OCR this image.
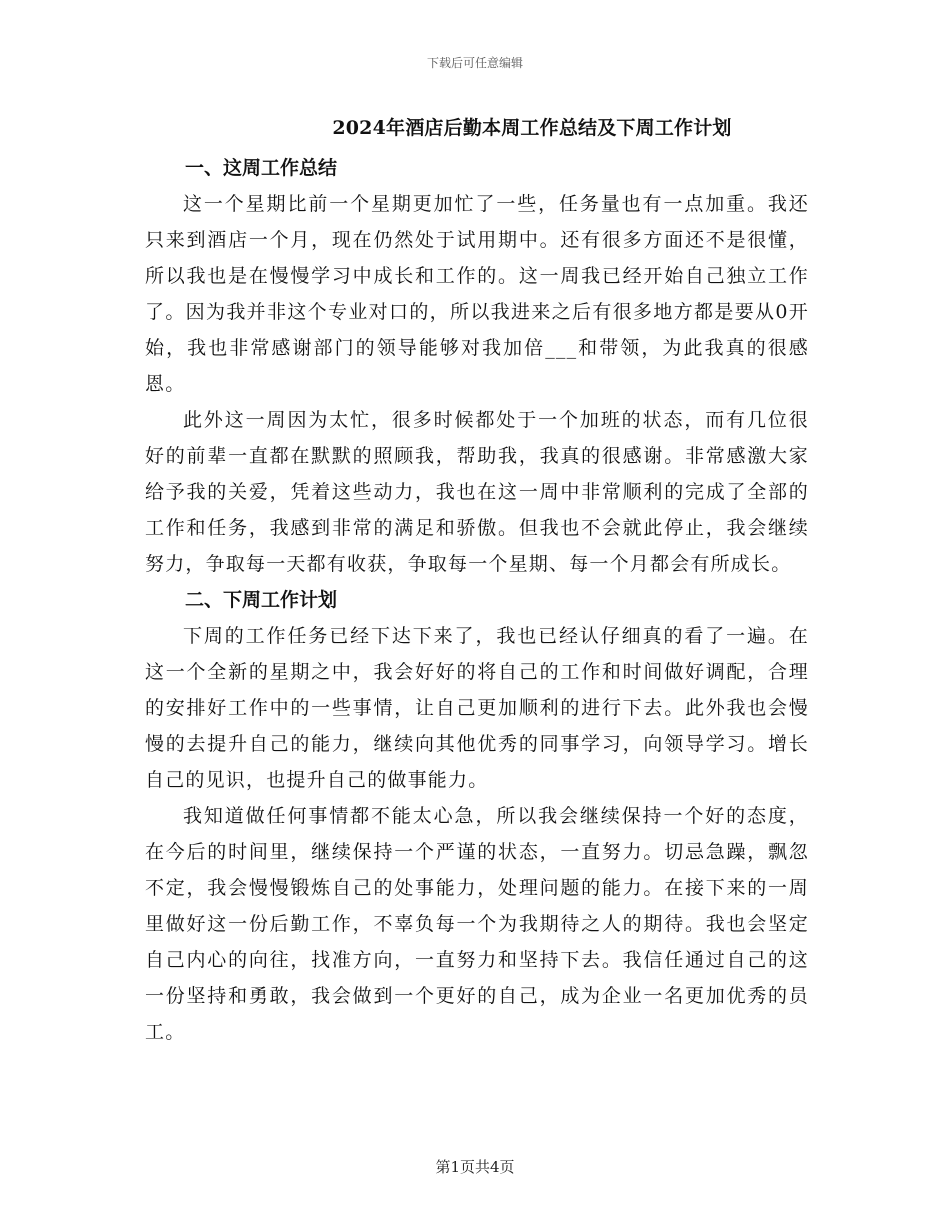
下载后可任意编辑
2024年酒店后勤本周工作总结及下周工作计划
一、这周工作总结

这一个星期比前一个星期更加忙了一些，任务量也有一点加重。我还只来到酒店一个月，现在仍然处于试用期中。还有很多方面还不是很懂，所以我也是在慢慢学习中成长和工作的。这一周我已经开始自己独立工作了。因为我并非这个专业对口的，所以我进来之后有很多地方都是要从0开始，我也非常感谢部门的领导能够对我加倍___和带领，为此我真的很感恩。

此外这一周因为太忙，很多时候都处于一个加班的状态，而有几位很好的前辈一直都在默默的照顾我，帮助我，我真的很感谢。非常感激大家给予我的关爱，凭着这些动力，我也在这一周中非常顺利的完成了全部的工作和任务，我感到非常的满足和骄傲。但我也不会就此停止，我会继续努力，争取每一天都有收获，争取每一个星期、每一个月都会有所成长。

二、下周工作计划

下周的工作任务已经下达下来了，我也已经认仔细真的看了一遍。在这一个全新的星期之中，我会好好的将自己的工作和时间做好调配，合理的安排好工作中的一些事情，让自己更加顺利的进行下去。此外我也会慢慢的去提升自己的能力，继续向其他优秀的同事学习，向领导学习。增长自己的见识，也提升自己的做事能力。

我知道做任何事情都不能太心急，所以我会继续保持一个好的态度，在今后的时间里，继续保持一个严谨的状态，一直努力。切忌急躁，飘忽不定，我会慢慢锻炼自己的处事能力，处理问题的能力。在接下来的一周里做好这一份后勤工作，不辜负每一个为我期待之人的期待。我也会坚定自己内心的向往，找准方向，一直努力和坚持下去。我信任通过自己的这一份坚持和勇敢，我会做到一个更好的自己，成为企业一名更加优秀的员工。

第1页共4页
